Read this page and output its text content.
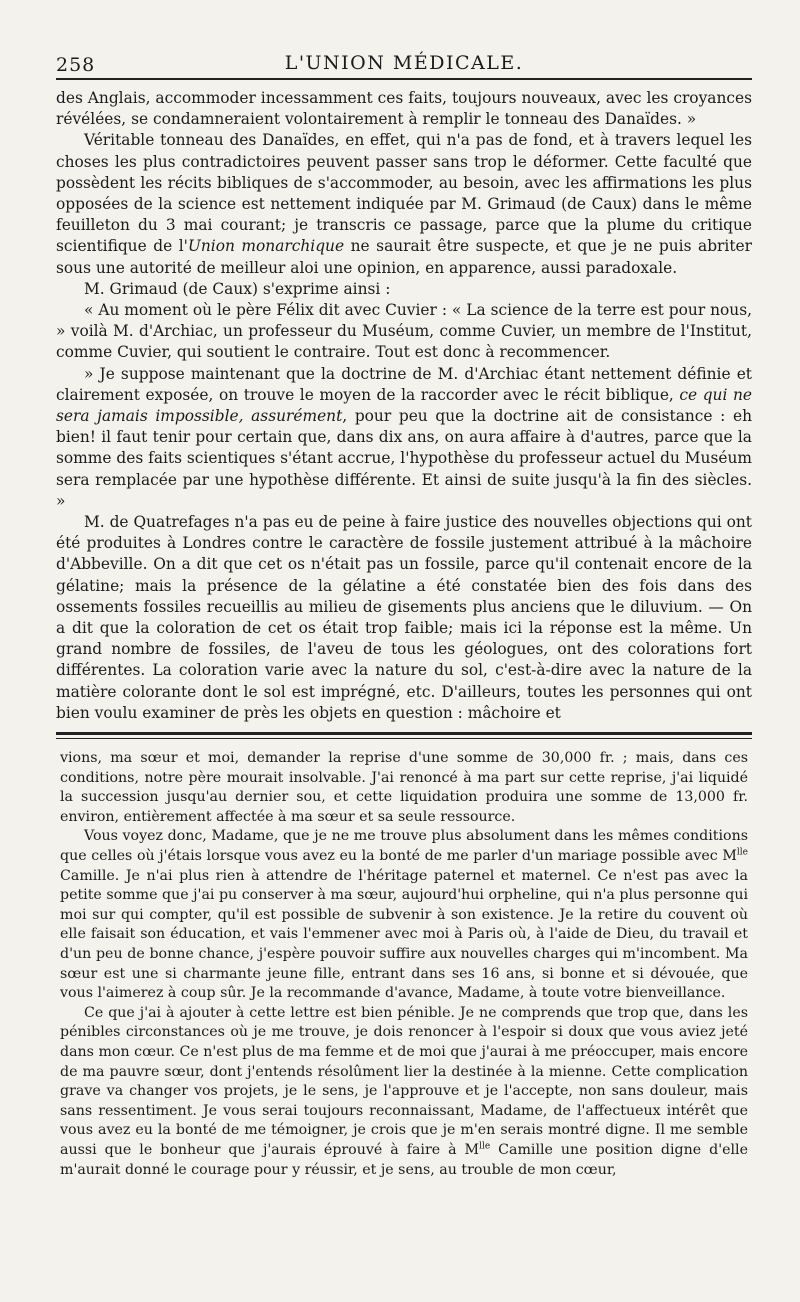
258	L'UNION MÉDICALE.

des Anglais, accommoder incessamment ces faits, toujours nouveaux, avec les croyances révélées, se condamneraient volontairement à remplir le tonneau des Danaïdes. »

Véritable tonneau des Danaïdes, en effet, qui n'a pas de fond, et à travers lequel les choses les plus contradictoires peuvent passer sans trop le déformer. Cette faculté que possèdent les récits bibliques de s'accommoder, au besoin, avec les affirmations les plus opposées de la science est nettement indiquée par M. Grimaud (de Caux) dans le même feuilleton du 3 mai courant; je transcris ce passage, parce que la plume du critique scientifique de l'Union monarchique ne saurait être suspecte, et que je ne puis abriter sous une autorité de meilleur aloi une opinion, en apparence, aussi paradoxale.

M. Grimaud (de Caux) s'exprime ainsi :

« Au moment où le père Félix dit avec Cuvier : « La science de la terre est pour nous, » voilà M. d'Archiac, un professeur du Muséum, comme Cuvier, un membre de l'Institut, comme Cuvier, qui soutient le contraire. Tout est donc à recommencer.

» Je suppose maintenant que la doctrine de M. d'Archiac étant nettement définie et clairement exposée, on trouve le moyen de la raccorder avec le récit biblique, ce qui ne sera jamais impossible, assurément, pour peu que la doctrine ait de consistance : eh bien! il faut tenir pour certain que, dans dix ans, on aura affaire à d'autres, parce que la somme des faits scientiques s'étant accrue, l'hypothèse du professeur actuel du Muséum sera remplacée par une hypothèse différente. Et ainsi de suite jusqu'à la fin des siècles. »

M. de Quatrefages n'a pas eu de peine à faire justice des nouvelles objections qui ont été produites à Londres contre le caractère de fossile justement attribué à la mâchoire d'Abbeville. On a dit que cet os n'était pas un fossile, parce qu'il contenait encore de la gélatine; mais la présence de la gélatine a été constatée bien des fois dans des ossements fossiles recueillis au milieu de gisements plus anciens que le diluvium. — On a dit que la coloration de cet os était trop faible; mais ici la réponse est la même. Un grand nombre de fossiles, de l'aveu de tous les géologues, ont des colorations fort différentes. La coloration varie avec la nature du sol, c'est-à-dire avec la nature de la matière colorante dont le sol est imprégné, etc. D'ailleurs, toutes les personnes qui ont bien voulu examiner de près les objets en question : mâchoire et

vions, ma sœur et moi, demander la reprise d'une somme de 30,000 fr. ; mais, dans ces conditions, notre père mourait insolvable. J'ai renoncé à ma part sur cette reprise, j'ai liquidé la succession jusqu'au dernier sou, et cette liquidation produira une somme de 13,000 fr. environ, entièrement affectée à ma sœur et sa seule ressource.

Vous voyez donc, Madame, que je ne me trouve plus absolument dans les mêmes conditions que celles où j'étais lorsque vous avez eu la bonté de me parler d'un mariage possible avec $M^{lle}$ Camille. Je n'ai plus rien à attendre de l'héritage paternel et maternel. Ce n'est pas avec la petite somme que j'ai pu conserver à ma sœur, aujourd'hui orpheline, qui n'a plus personne qui moi sur qui compter, qu'il est possible de subvenir à son existence. Je la retire du couvent où elle faisait son éducation, et vais l'emmener avec moi à Paris où, à l'aide de Dieu, du travail et d'un peu de bonne chance, j'espère pouvoir suffire aux nouvelles charges qui m'incombent. Ma sœur est une si charmante jeune fille, entrant dans ses 16 ans, si bonne et si dévouée, que vous l'aimerez à coup sûr. Je la recommande d'avance, Madame, à toute votre bienveillance.

Ce que j'ai à ajouter à cette lettre est bien pénible. Je ne comprends que trop que, dans les pénibles circonstances où je me trouve, je dois renoncer à l'espoir si doux que vous aviez jeté dans mon cœur. Ce n'est plus de ma femme et de moi que j'aurai à me préoccuper, mais encore de ma pauvre sœur, dont j'entends résolûment lier la destinée à la mienne. Cette complication grave va changer vos projets, je le sens, je l'approuve et je l'accepte, non sans douleur, mais sans ressentiment. Je vous serai toujours reconnaissant, Madame, de l'affectueux intérêt que vous avez eu la bonté de me témoigner, je crois que je m'en serais montré digne. Il me semble aussi que le bonheur que j'aurais éprouvé à faire à $M^{lle}$ Camille une position digne d'elle m'aurait donné le courage pour y réussir, et je sens, au trouble de mon cœur,
